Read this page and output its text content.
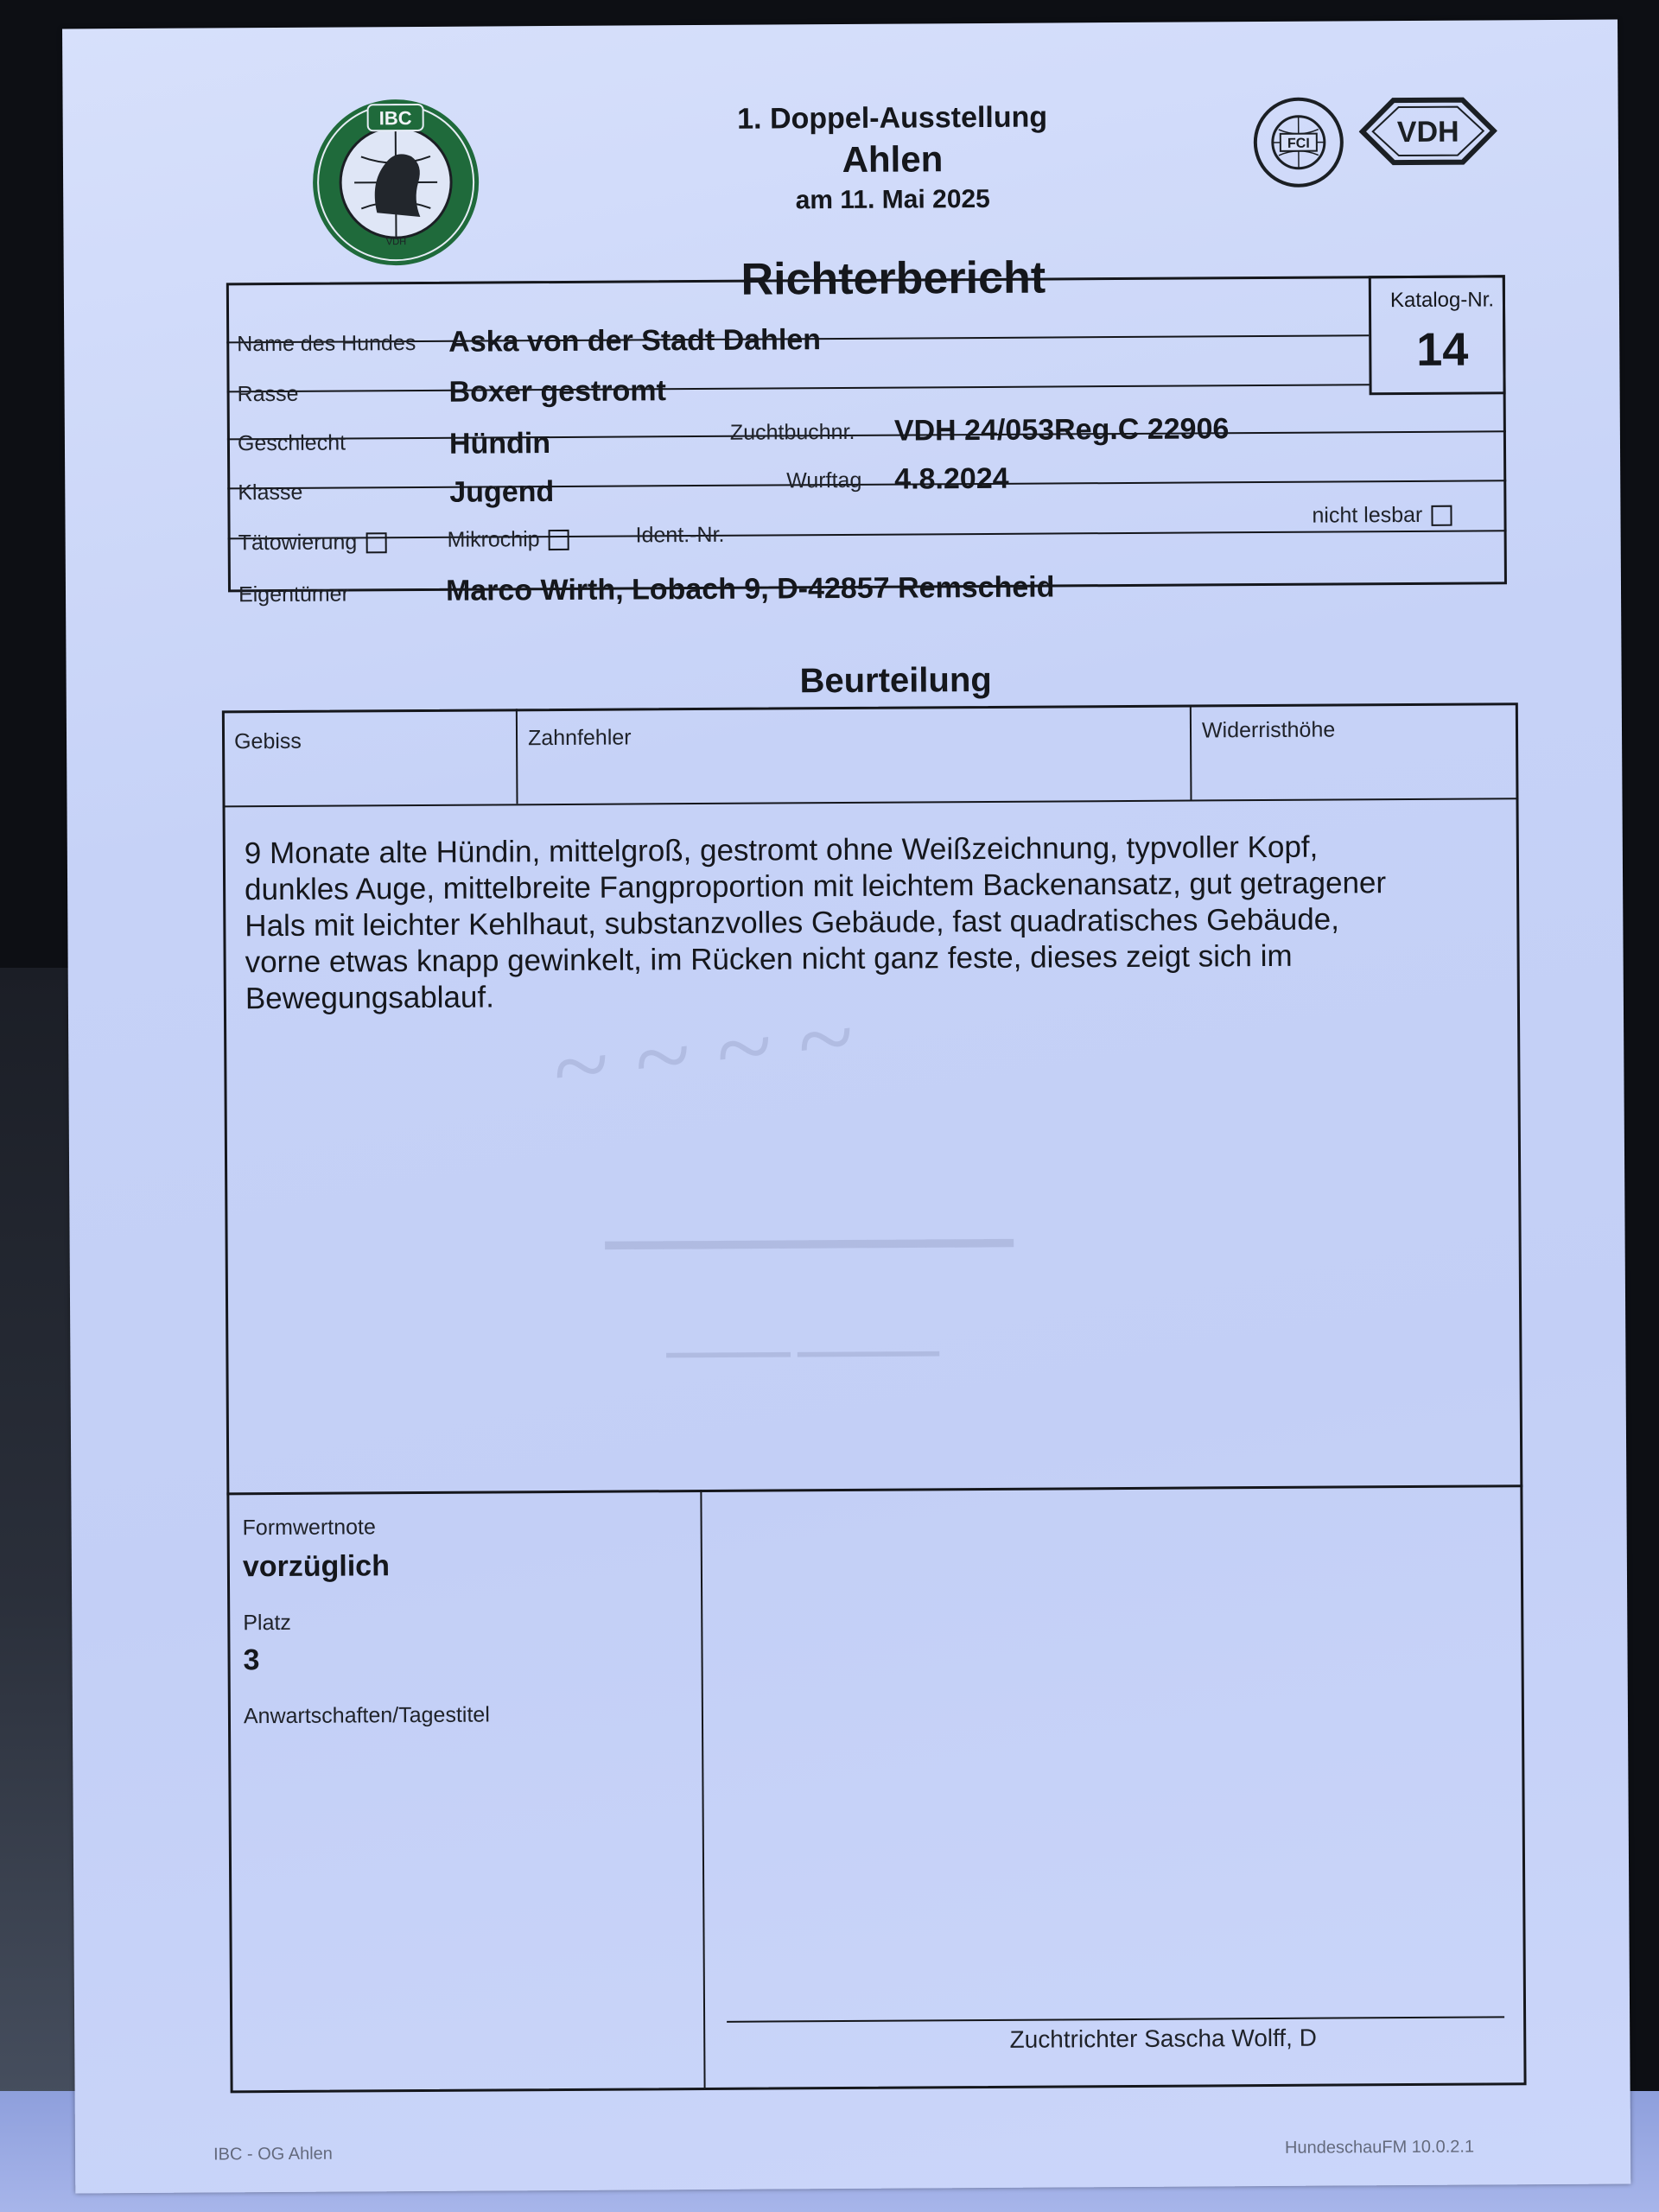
~ ~ ~ ~
━━━━━━━━━━━━━━
━━━━━━━ ━━━━━━━━
IBC
VDH
1. Doppel-Ausstellung
Ahlen
am 11. Mai 2025
FCI	VDH
Richterbericht
Name des Hundes Aska von der Stadt Dahlen
Katalog-Nr.
14
Rasse	Boxer gestromt
Geschlecht	Hündin	Zuchtbuchnr. VDH 24/053Reg.C 22906
Klasse	Jugend	Wurftag 4.8.2024
Tätowierung	Mikrochip	Ident.-Nr.
nicht lesbar
Eigentümer	Marco Wirth, Lobach 9, D-42857 Remscheid
Beurteilung
Gebiss	Zahnfehler	Widerristhöhe
9 Monate alte Hündin, mittelgroß, gestromt ohne Weißzeichnung, typvoller Kopf,
dunkles Auge, mittelbreite Fangproportion mit leichtem Backenansatz, gut getragener
Hals mit leichter Kehlhaut, substanzvolles Gebäude, fast quadratisches Gebäude,
vorne etwas knapp gewinkelt, im Rücken nicht ganz feste, dieses zeigt sich im
Bewegungsablauf.
Formwertnote
vorzüglich
Platz
3
Anwartschaften/Tagestitel
Zuchtrichter Sascha Wolff, D
IBC - OG Ahlen	HundeschauFM 10.0.2.1
